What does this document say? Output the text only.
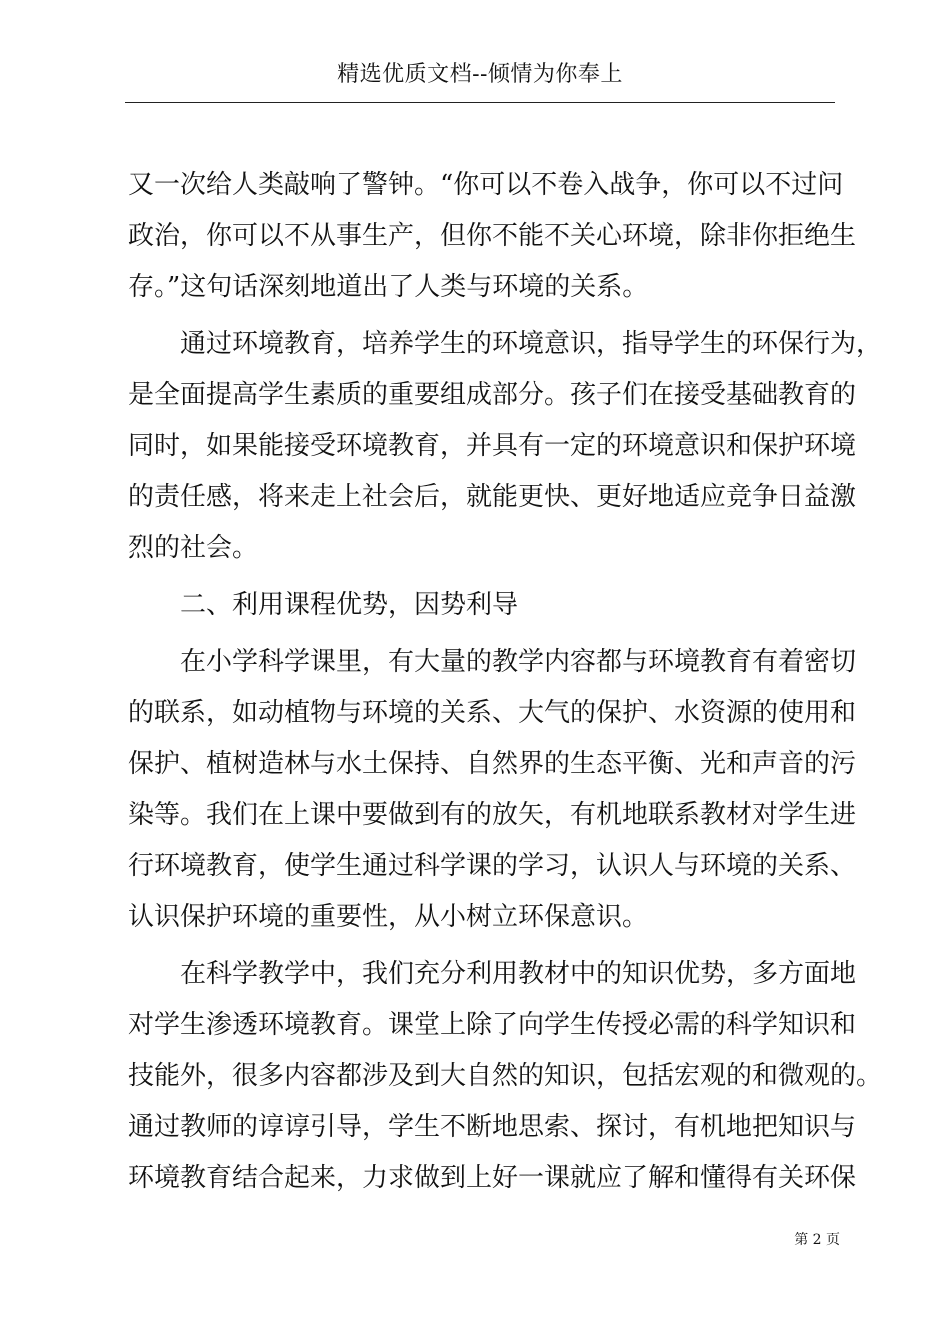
精选优质文档--倾情为你奉上
又一次给人类敲响了警钟。“你可以不卷入战争，你可以不过问
政治，你可以不从事生产，但你不能不关心环境，除非你拒绝生
存。”这句话深刻地道出了人类与环境的关系。
　　通过环境教育，培养学生的环境意识，指导学生的环保行为，
是全面提高学生素质的重要组成部分。孩子们在接受基础教育的
同时，如果能接受环境教育，并具有一定的环境意识和保护环境
的责任感，将来走上社会后，就能更快、更好地适应竞争日益激
烈的社会。
　　二、利用课程优势，因势利导
　　在小学科学课里，有大量的教学内容都与环境教育有着密切
的联系，如动植物与环境的关系、大气的保护、水资源的使用和
保护、植树造林与水土保持、自然界的生态平衡、光和声音的污
染等。我们在上课中要做到有的放矢，有机地联系教材对学生进
行环境教育，使学生通过科学课的学习，认识人与环境的关系、
认识保护环境的重要性，从小树立环保意识。
　　在科学教学中，我们充分利用教材中的知识优势，多方面地
对学生渗透环境教育。课堂上除了向学生传授必需的科学知识和
技能外，很多内容都涉及到大自然的知识，包括宏观的和微观的。
通过教师的谆谆引导，学生不断地思索、探讨，有机地把知识与
环境教育结合起来，力求做到上好一课就应了解和懂得有关环保
第 2 页
